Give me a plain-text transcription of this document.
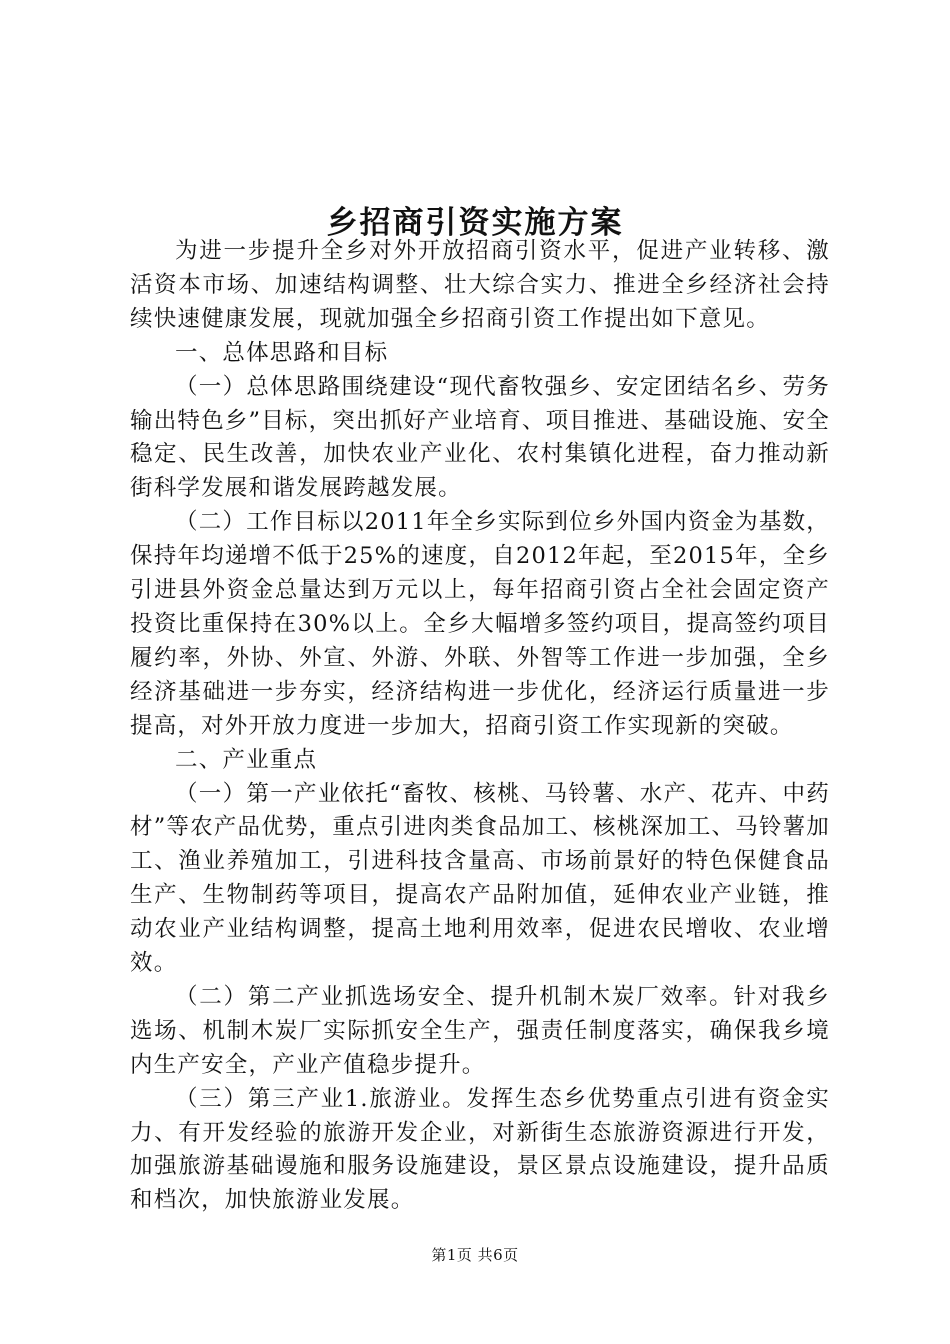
乡招商引资实施方案

为进一步提升全乡对外开放招商引资水平，促进产业转移、激活资本市场、加速结构调整、壮大综合实力、推进全乡经济社会持续快速健康发展，现就加强全乡招商引资工作提出如下意见。

一、总体思路和目标

（一）总体思路围绕建设“现代畜牧强乡、安定团结名乡、劳务输出特色乡”目标，突出抓好产业培育、项目推进、基础设施、安全稳定、民生改善，加快农业产业化、农村集镇化进程，奋力推动新街科学发展和谐发展跨越发展。

（二）工作目标以2011年全乡实际到位乡外国内资金为基数，保持年均递增不低于25%的速度，自2012年起，至2015年，全乡引进县外资金总量达到万元以上，每年招商引资占全社会固定资产投资比重保持在30%以上。全乡大幅增多签约项目，提高签约项目履约率，外协、外宣、外游、外联、外智等工作进一步加强，全乡经济基础进一步夯实，经济结构进一步优化，经济运行质量进一步提高，对外开放力度进一步加大，招商引资工作实现新的突破。

二、产业重点

（一）第一产业依托“畜牧、核桃、马铃薯、水产、花卉、中药材”等农产品优势，重点引进肉类食品加工、核桃深加工、马铃薯加工、渔业养殖加工，引进科技含量高、市场前景好的特色保健食品生产、生物制药等项目，提高农产品附加值，延伸农业产业链，推动农业产业结构调整，提高土地利用效率，促进农民增收、农业增效。

（二）第二产业抓选场安全、提升机制木炭厂效率。针对我乡选场、机制木炭厂实际抓安全生产，强责任制度落实，确保我乡境内生产安全，产业产值稳步提升。

（三）第三产业1.旅游业。发挥生态乡优势重点引进有资金实力、有开发经验的旅游开发企业，对新街生态旅游资源进行开发，加强旅游基础谩施和服务设施建设，景区景点设施建设，提升品质和档次，加快旅游业发展。

第1页 共6页
